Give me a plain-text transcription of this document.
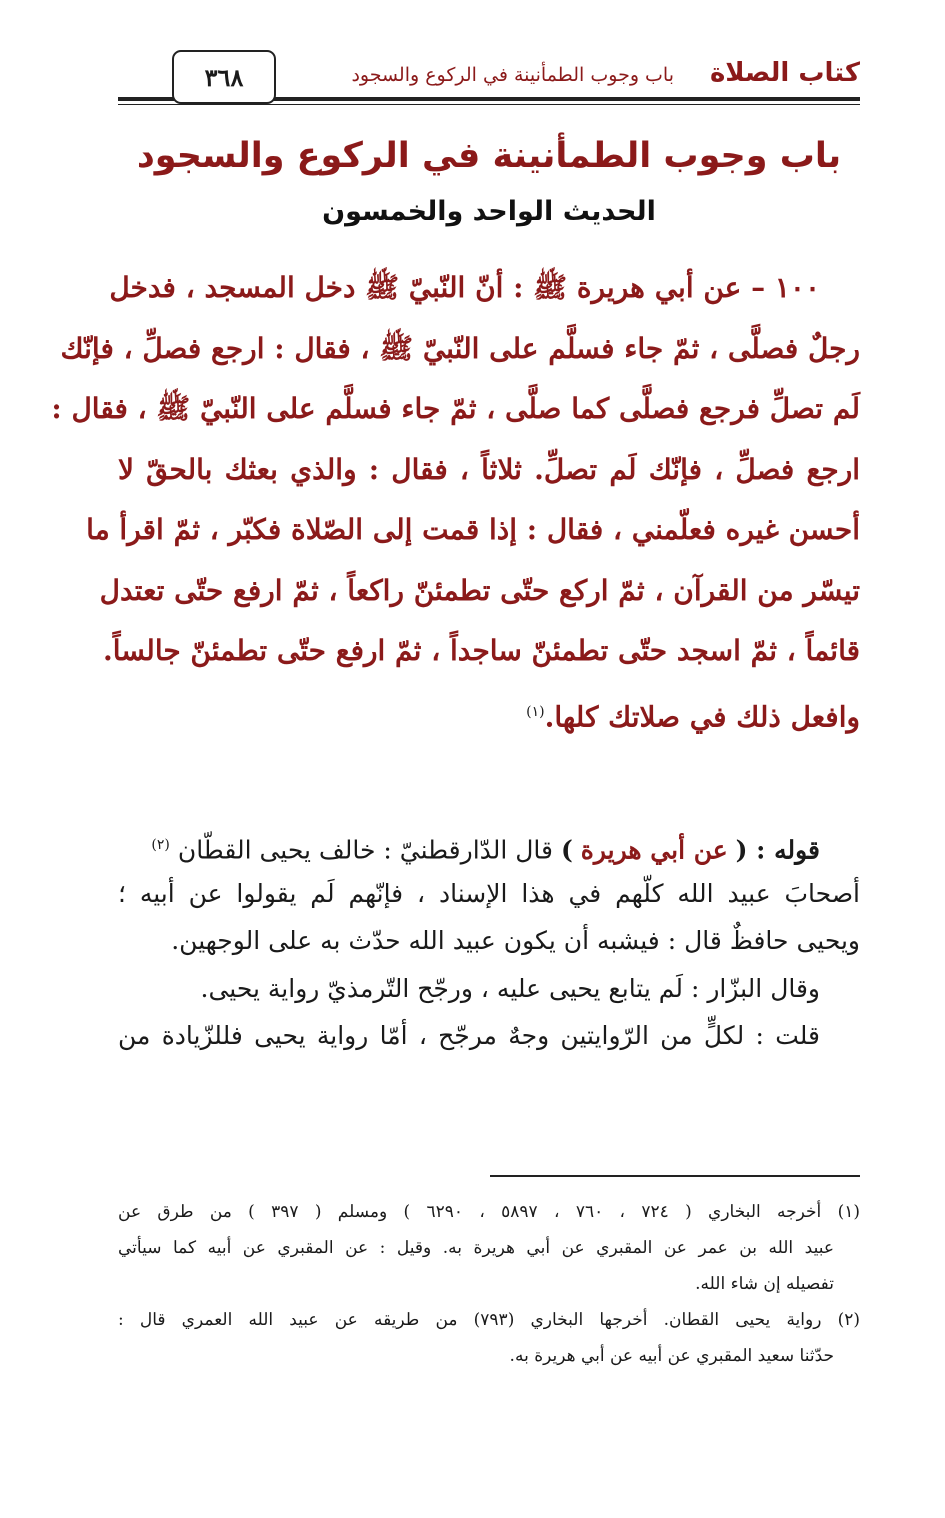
كتاب الصلاة
باب وجوب الطمأنينة في الركوع والسجود
٣٦٨
باب وجوب الطمأنينة في الركوع والسجود
الحديث الواحد والخمسون
١٠٠ – عن أبي هريرة ﷺ : أنّ النّبيّ ﷺ دخل المسجد ، فدخل
رجلٌ فصلَّى ، ثمّ جاء فسلَّم على النّبيّ ﷺ ، فقال : ارجع فصلِّ ، فإنّك
لَم تصلِّ فرجع فصلَّى كما صلَّى ، ثمّ جاء فسلَّم على النّبيّ ﷺ ، فقال :
ارجع فصلِّ ، فإنّك لَم تصلِّ. ثلاثاً ، فقال : والذي بعثك بالحقّ لا
أحسن غيره فعلّمني ، فقال : إذا قمت إلى الصّلاة فكبّر ، ثمّ اقرأ ما
تيسّر من القرآن ، ثمّ اركع حتّى تطمئنّ راكعاً ، ثمّ ارفع حتّى تعتدل
قائماً ، ثمّ اسجد حتّى تطمئنّ ساجداً ، ثمّ ارفع حتّى تطمئنّ جالساً.
وافعل ذلك في صلاتك كلها.$^{(١)}$
قوله : ( عن أبي هريرة ) قال الدّارقطنيّ : خالف يحيى القطّان $^{(٢)}$
أصحابَ عبيد الله كلّهم في هذا الإسناد ، فإنّهم لَم يقولوا عن أبيه ؛
ويحيى حافظٌ قال : فيشبه أن يكون عبيد الله حدّث به على الوجهين.
وقال البزّار : لَم يتابع يحيى عليه ، ورجّح التّرمذيّ رواية يحيى.
قلت : لكلٍّ من الرّوايتين وجهٌ مرجّح ، أمّا رواية يحيى فللزّيادة من
(١) أخرجه البخاري ( ٧٢٤ ، ٧٦٠ ، ٥٨٩٧ ، ٦٢٩٠ ) ومسلم ( ٣٩٧ ) من طرق عن
عبيد الله بن عمر عن المقبري عن أبي هريرة به. وقيل : عن المقبري عن أبيه كما سيأتي
تفصيله إن شاء الله.
(٢) رواية يحيى القطان. أخرجها البخاري (٧٩٣) من طريقه عن عبيد الله العمري قال :
حدّثنا سعيد المقبري عن أبيه عن أبي هريرة به.
